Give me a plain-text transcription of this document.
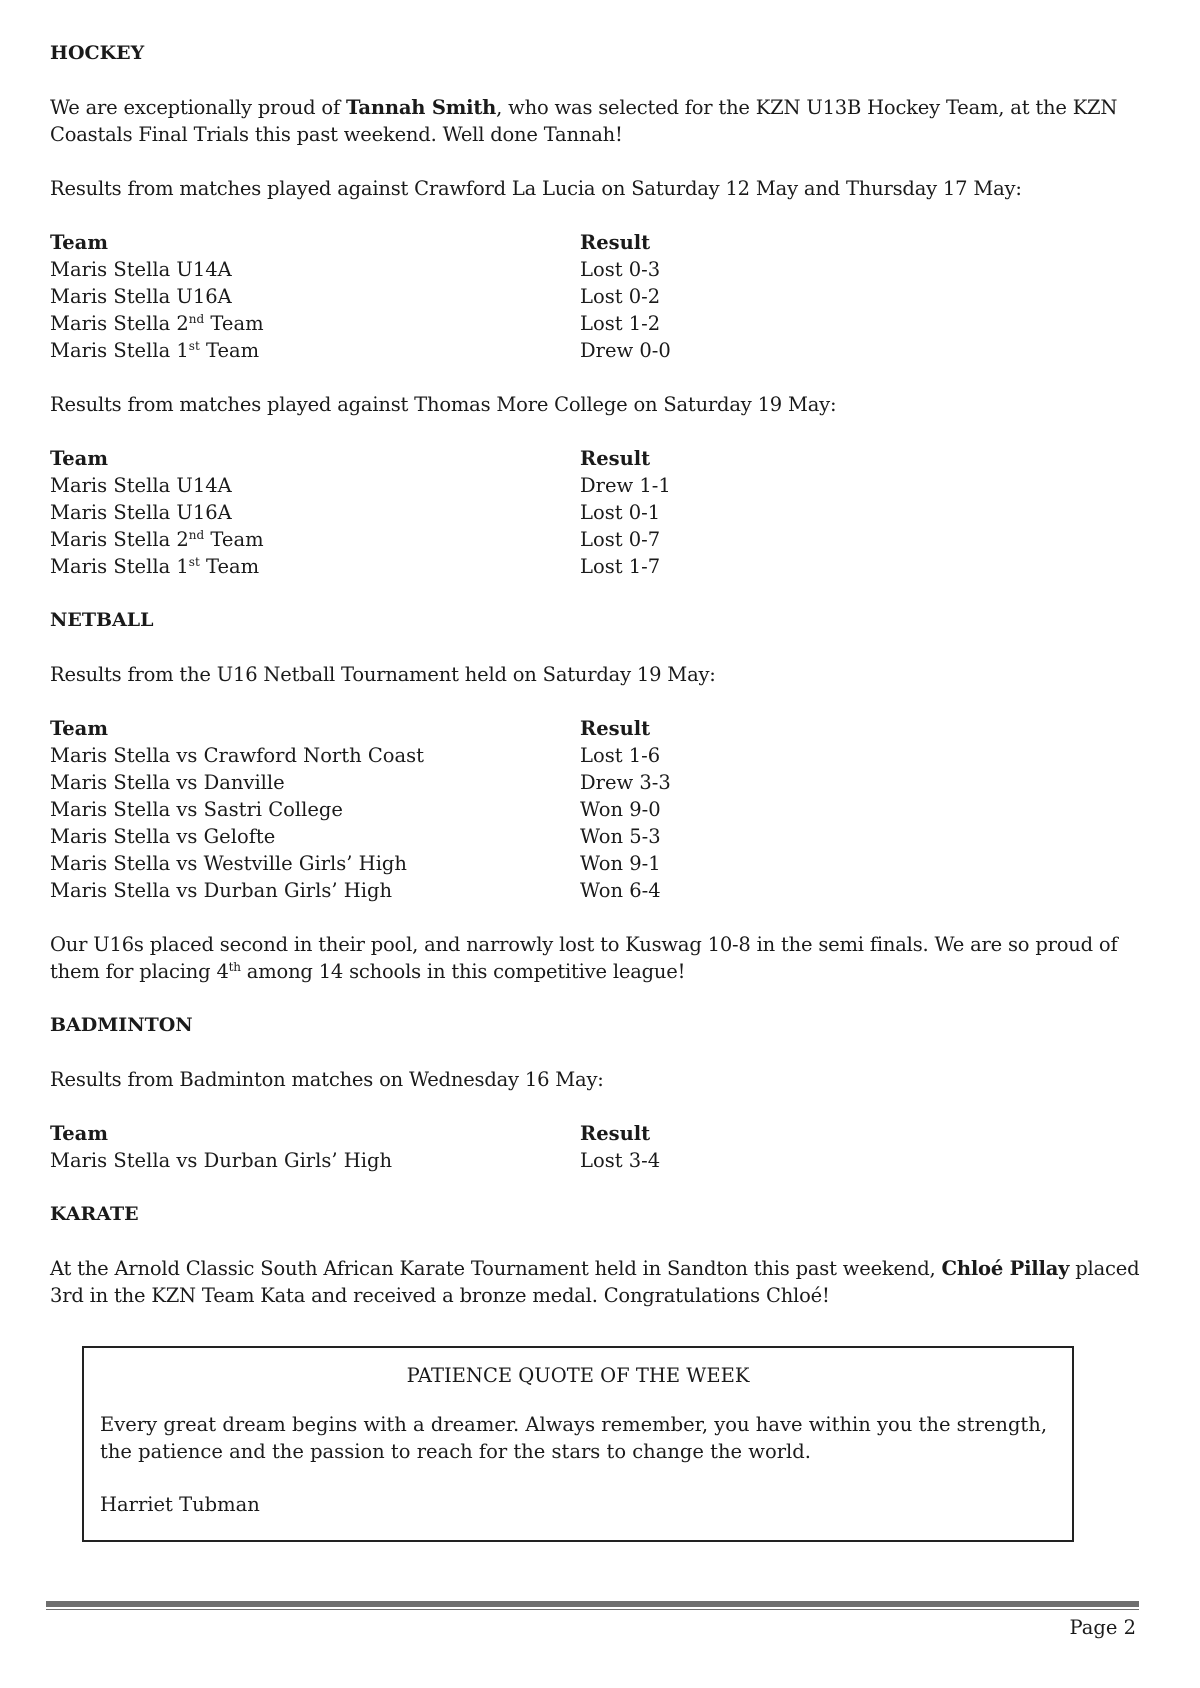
HOCKEY

We are exceptionally proud of Tannah Smith, who was selected for the KZN U13B Hockey Team, at the KZN Coastals Final Trials this past weekend. Well done Tannah!

Results from matches played against Crawford La Lucia on Saturday 12 May and Thursday 17 May:

Team	Result
Maris Stella U14A	Lost 0-3
Maris Stella U16A	Lost 0-2
Maris Stella 2nd Team	Lost 1-2
Maris Stella 1st Team	Drew 0-0

Results from matches played against Thomas More College on Saturday 19 May:

Team	Result
Maris Stella U14A	Drew 1-1
Maris Stella U16A	Lost 0-1
Maris Stella 2nd Team	Lost 0-7
Maris Stella 1st Team	Lost 1-7
NETBALL

Results from the U16 Netball Tournament held on Saturday 19 May:

Team	Result
Maris Stella vs Crawford North Coast	Lost 1-6
Maris Stella vs Danville	Drew 3-3
Maris Stella vs Sastri College	Won 9-0
Maris Stella vs Gelofte	Won 5-3
Maris Stella vs Westville Girls’ High	Won 9-1
Maris Stella vs Durban Girls’ High	Won 6-4

Our U16s placed second in their pool, and narrowly lost to Kuswag 10-8 in the semi finals. We are so proud of them for placing 4th among 14 schools in this competitive league!

BADMINTON

Results from Badminton matches on Wednesday 16 May:

Team	Result
Maris Stella vs Durban Girls’ High	Lost 3-4
KARATE

At the Arnold Classic South African Karate Tournament held in Sandton this past weekend, Chloé Pillay placed 3rd in the KZN Team Kata and received a bronze medal. Congratulations Chloé!

PATIENCE QUOTE OF THE WEEK

Every great dream begins with a dreamer. Always remember, you have within you the strength, the patience and the passion to reach for the stars to change the world.

Harriet Tubman

Page 2
